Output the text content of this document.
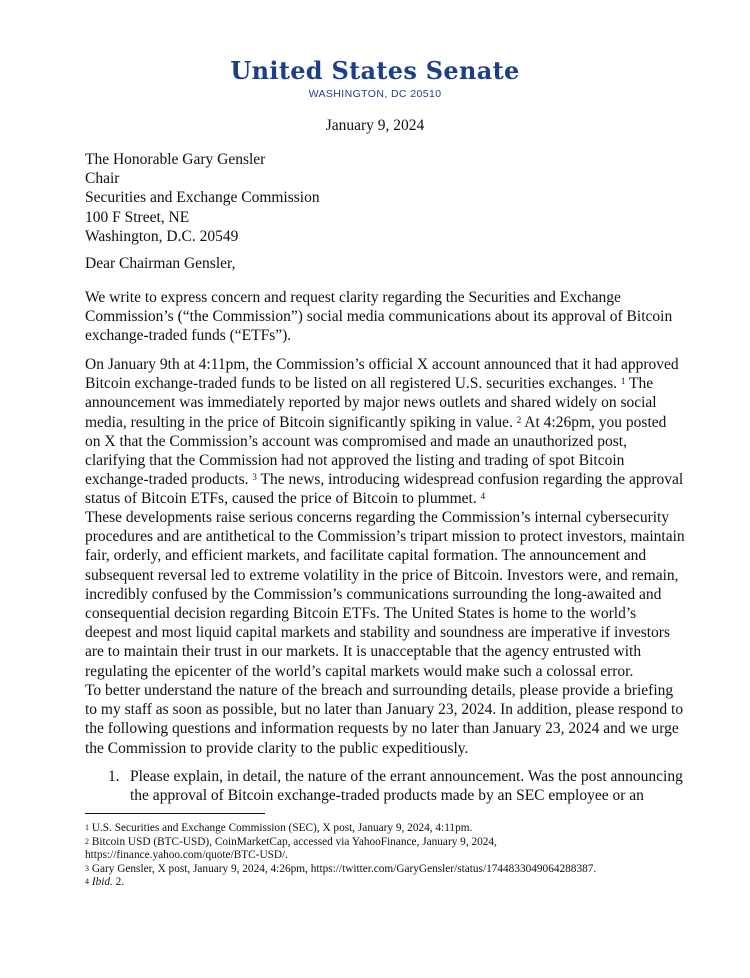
United States Senate
WASHINGTON, DC 20510
January 9, 2024
The Honorable Gary Gensler
Chair
Securities and Exchange Commission
100 F Street, NE
Washington, D.C. 20549
Dear Chairman Gensler,

We write to express concern and request clarity regarding the Securities and Exchange Commission’s (“the Commission”) social media communications about its approval of Bitcoin exchange-traded funds (“ETFs”).

On January 9th at 4:11pm, the Commission’s official X account announced that it had approved Bitcoin exchange-traded funds to be listed on all registered U.S. securities exchanges. $^1$ The announcement was immediately reported by major news outlets and shared widely on social media, resulting in the price of Bitcoin significantly spiking in value. $^2$ At 4:26pm, you posted on X that the Commission’s account was compromised and made an unauthorized post, clarifying that the Commission had not approved the listing and trading of spot Bitcoin exchange-traded products. $^3$ The news, introducing widespread confusion regarding the approval status of Bitcoin ETFs, caused the price of Bitcoin to plummet. $^4$

These developments raise serious concerns regarding the Commission’s internal cybersecurity procedures and are antithetical to the Commission’s tripart mission to protect investors, maintain fair, orderly, and efficient markets, and facilitate capital formation. The announcement and subsequent reversal led to extreme volatility in the price of Bitcoin. Investors were, and remain, incredibly confused by the Commission’s communications surrounding the long-awaited and consequential decision regarding Bitcoin ETFs. The United States is home to the world’s deepest and most liquid capital markets and stability and soundness are imperative if investors are to maintain their trust in our markets. It is unacceptable that the agency entrusted with regulating the epicenter of the world’s capital markets would make such a colossal error.

To better understand the nature of the breach and surrounding details, please provide a briefing to my staff as soon as possible, but no later than January 23, 2024. In addition, please respond to the following questions and information requests by no later than January 23, 2024 and we urge the Commission to provide clarity to the public expeditiously.

1. Please explain, in detail, the nature of the errant announcement. Was the post announcing the approval of Bitcoin exchange-traded products made by an SEC employee or an
$^1$ U.S. Securities and Exchange Commission (SEC), X post, January 9, 2024, 4:11pm.
$^2$ Bitcoin USD (BTC-USD), CoinMarketCap, accessed via YahooFinance, January 9, 2024,
https://finance.yahoo.com/quote/BTC-USD/.
$^3$ Gary Gensler, X post, January 9, 2024, 4:26pm, https://twitter.com/GaryGensler/status/1744833049064288387.
$^4$ Ibid. 2.
